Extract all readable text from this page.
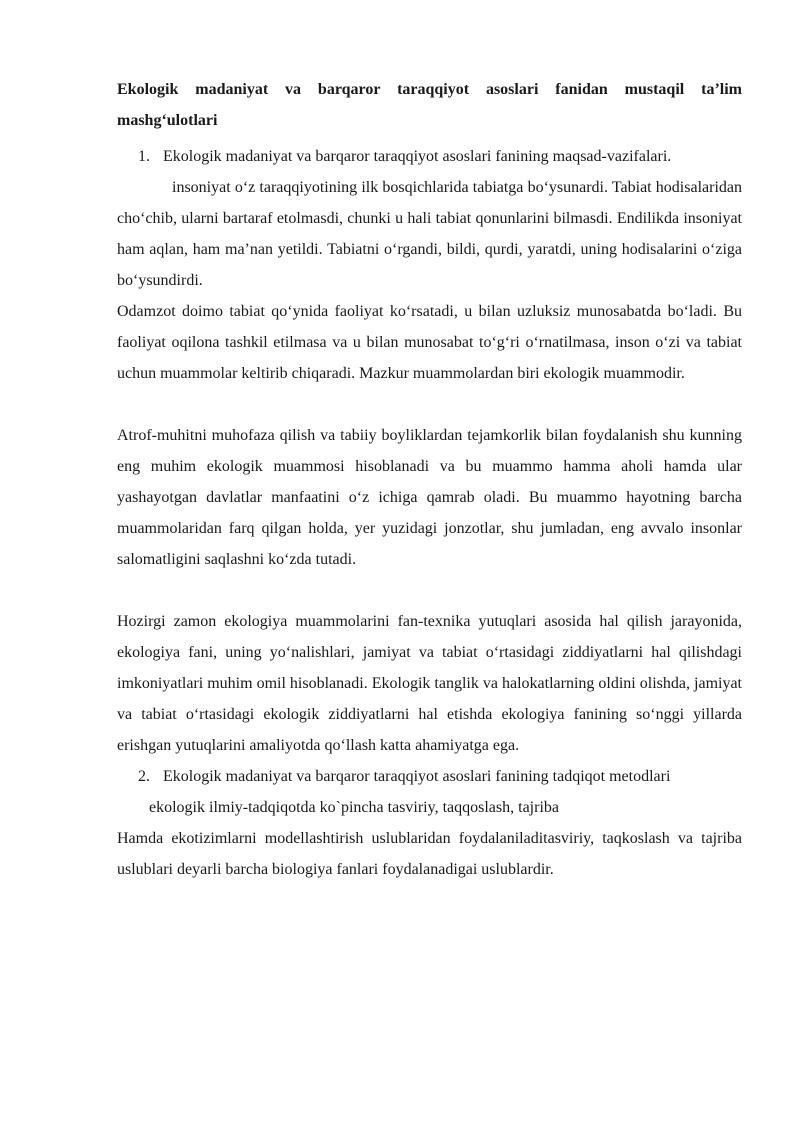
Ekologik madaniyat va barqaror taraqqiyot asoslari fanidan mustaqil ta’lim mashg‘ulotlari
1. Ekologik madaniyat va barqaror taraqqiyot asoslari fanining maqsad-vazifalari.

insoniyat o‘z taraqqiyotining ilk bosqichlarida tabiatga bo‘ysunardi. Tabiat hodisalaridan cho‘chib, ularni bartaraf etolmasdi, chunki u hali tabiat qonunlarini bilmasdi. Endilikda insoniyat ham aqlan, ham ma’nan yetildi. Tabiatni o‘rgandi, bildi, qurdi, yaratdi, uning hodisalarini o‘ziga bo‘ysundirdi.

Odamzot doimo tabiat qo‘ynida faoliyat ko‘rsatadi, u bilan uzluksiz munosabatda bo‘ladi. Bu faoliyat oqilona tashkil etilmasa va u bilan munosabat to‘g‘ri o‘rnatilmasa, inson o‘zi va tabiat uchun muammolar keltirib chiqaradi. Mazkur muammolardan biri ekologik muammodir.

Atrof-muhitni muhofaza qilish va tabiiy boyliklardan tejamkorlik bilan foydalanish shu kunning eng muhim ekologik muammosi hisoblanadi va bu muammo hamma aholi hamda ular yashayotgan davlatlar manfaatini o‘z ichiga qamrab oladi. Bu muammo hayotning barcha muammolaridan farq qilgan holda, yer yuzidagi jonzotlar, shu jumladan, eng avvalo insonlar salomatligini saqlashni ko‘zda tutadi.

Hozirgi zamon ekologiya muammolarini fan-texnika yutuqlari asosida hal qilish jarayonida, ekologiya fani, uning yo‘nalishlari, jamiyat va tabiat o‘rtasidagi ziddiyatlarni hal qilishdagi imkoniyatlari muhim omil hisoblanadi. Ekologik tanglik va halokatlarning oldini olishda, jamiyat va tabiat o‘rtasidagi ekologik ziddiyatlarni hal etishda ekologiya fanining so‘nggi yillarda erishgan yutuqlarini amaliyotda qo‘llash katta ahamiyatga ega.

2. Ekologik madaniyat va barqaror taraqqiyot asoslari fanining tadqiqot metodlari

ekologik ilmiy-tadqiqotda ko`pincha tasviriy, taqqoslash, tajriba

Hamda ekotizimlarni modellashtirish uslublaridan foydalaniladitasviriy, taqkoslash va tajriba uslublari deyarli barcha biologiya fanlari foydalanadigai uslublardir.
